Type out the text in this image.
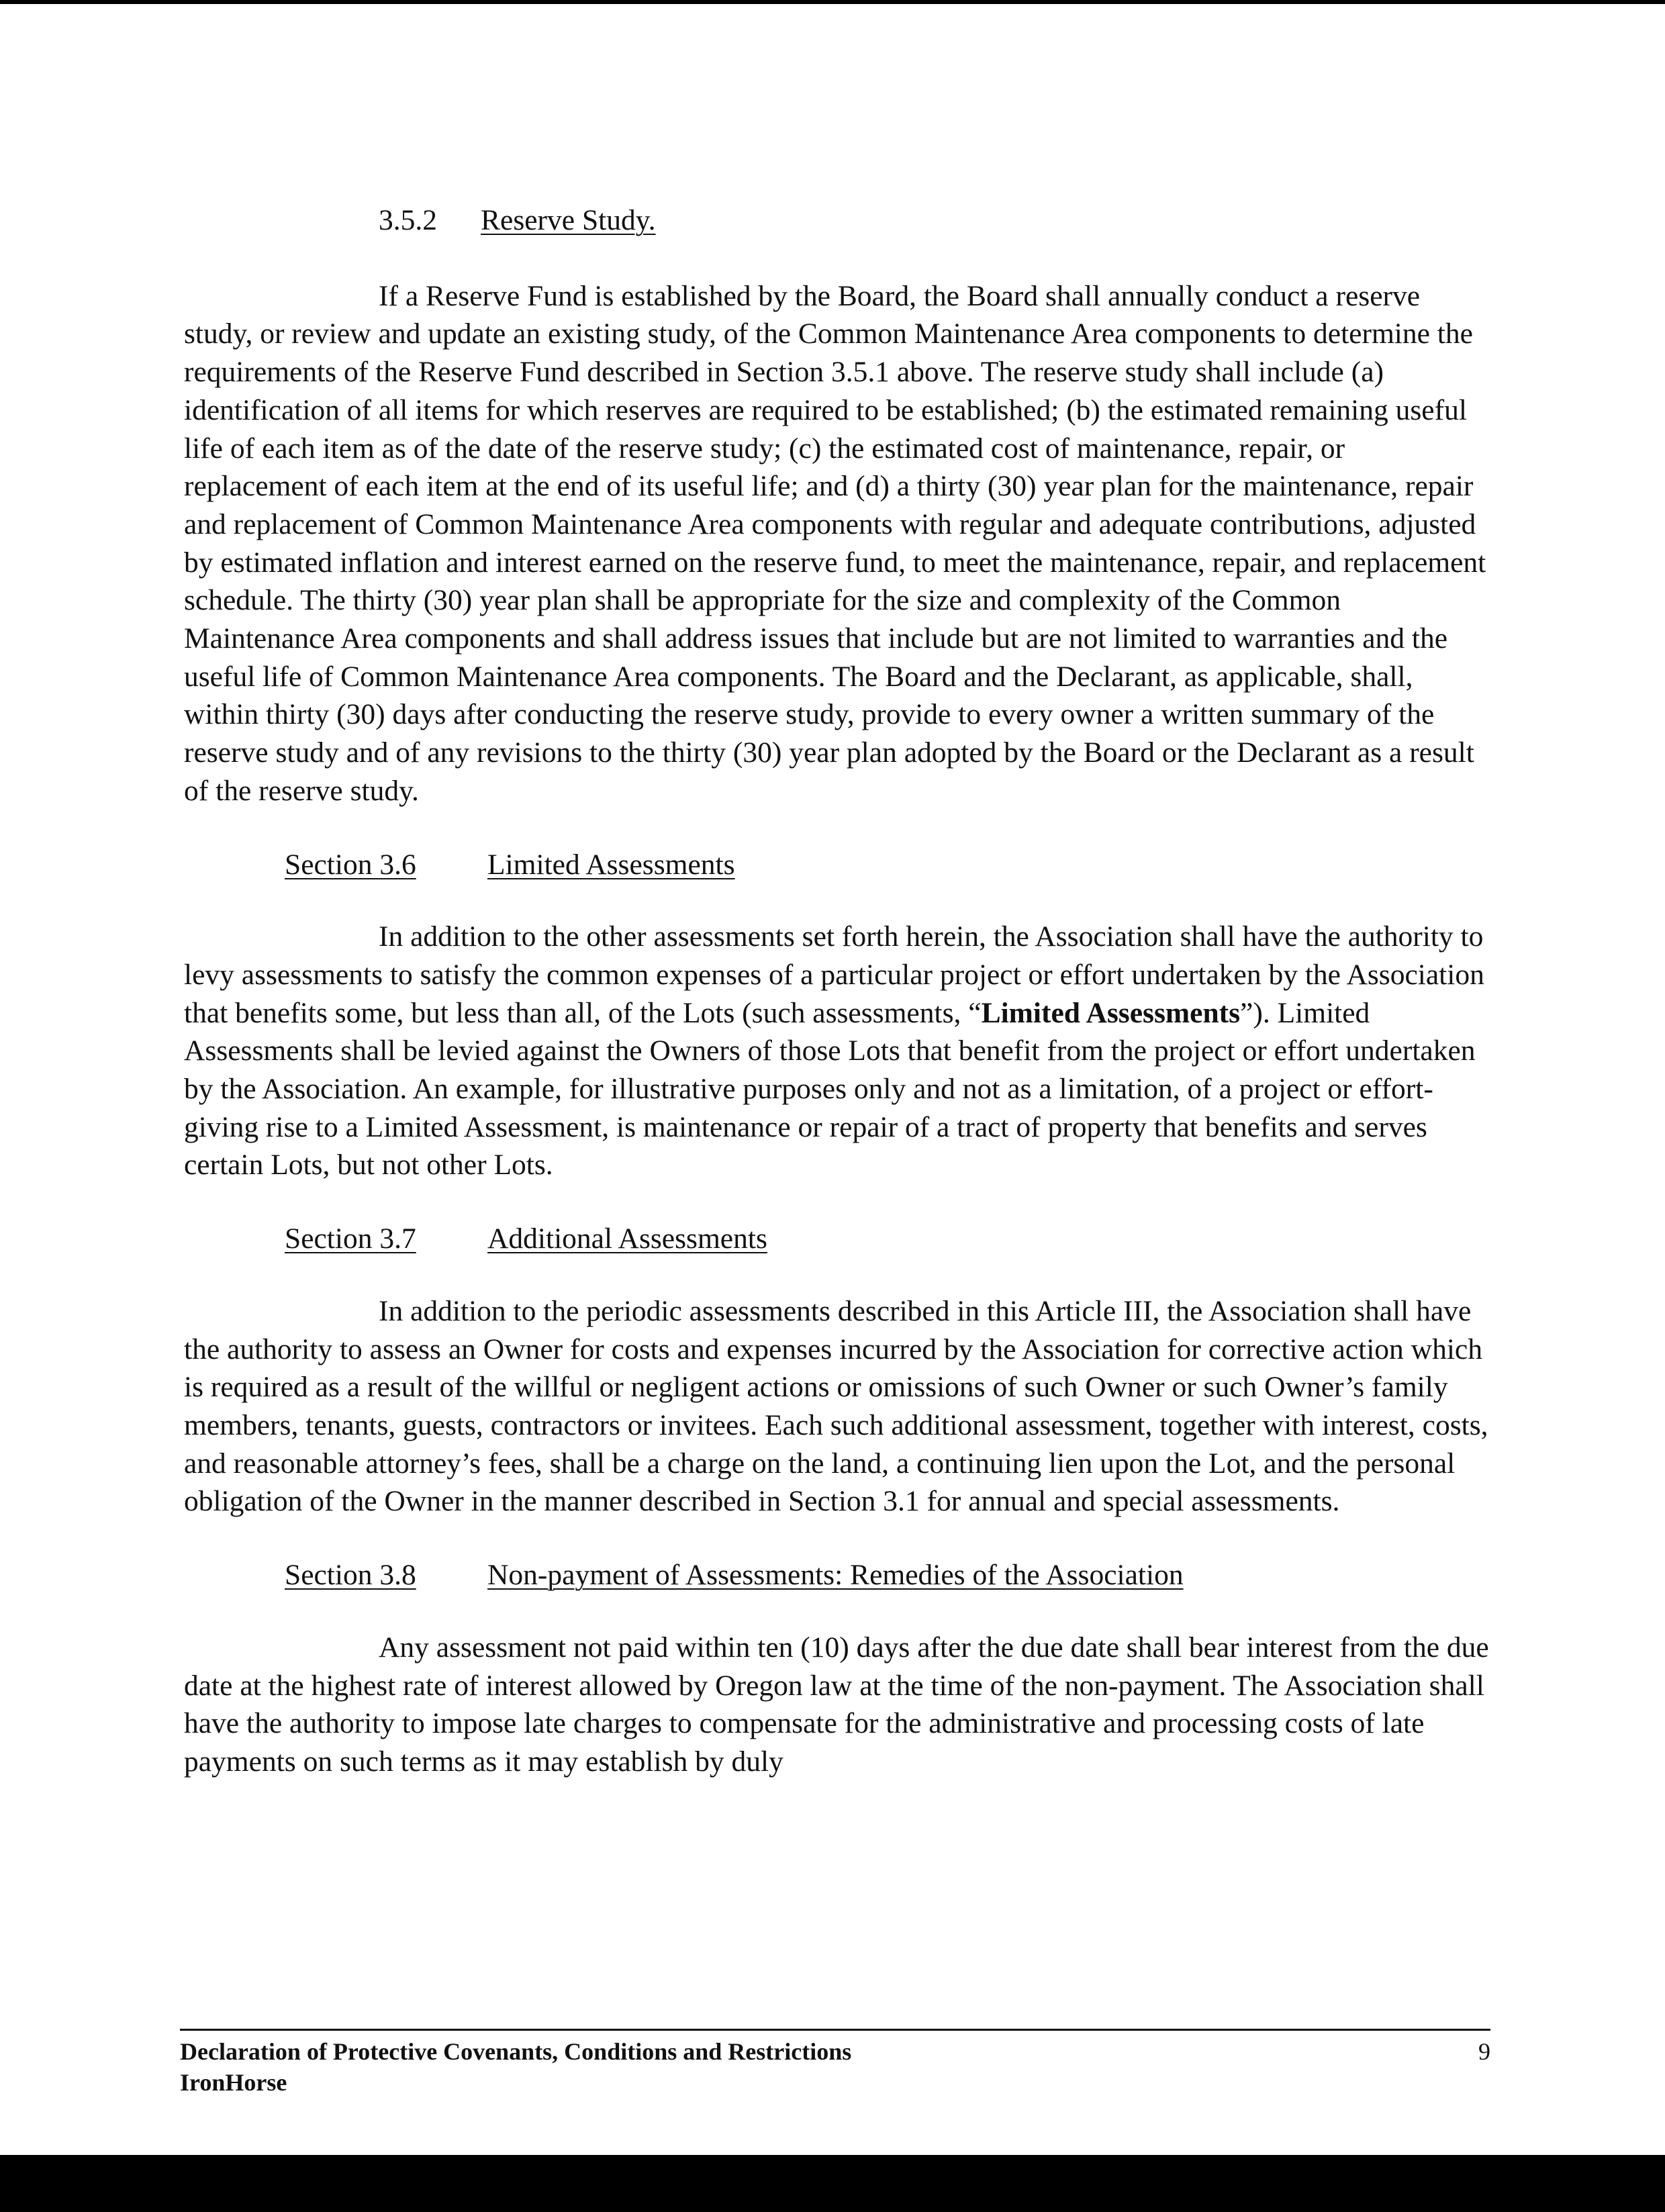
3.5.2 Reserve Study.

If a Reserve Fund is established by the Board, the Board shall annually conduct a reserve study, or review and update an existing study, of the Common Maintenance Area components to determine the requirements of the Reserve Fund described in Section 3.5.1 above. The reserve study shall include (a) identification of all items for which reserves are required to be established; (b) the estimated remaining useful life of each item as of the date of the reserve study; (c) the estimated cost of maintenance, repair, or replacement of each item at the end of its useful life; and (d) a thirty (30) year plan for the maintenance, repair and replacement of Common Maintenance Area components with regular and adequate contributions, adjusted by estimated inflation and interest earned on the reserve fund, to meet the maintenance, repair, and replacement schedule. The thirty (30) year plan shall be appropriate for the size and complexity of the Common Maintenance Area components and shall address issues that include but are not limited to warranties and the useful life of Common Maintenance Area components. The Board and the Declarant, as applicable, shall, within thirty (30) days after conducting the reserve study, provide to every owner a written summary of the reserve study and of any revisions to the thirty (30) year plan adopted by the Board or the Declarant as a result of the reserve study.

Section 3.6 Limited Assessments

In addition to the other assessments set forth herein, the Association shall have the authority to levy assessments to satisfy the common expenses of a particular project or effort undertaken by the Association that benefits some, but less than all, of the Lots (such assessments, “Limited Assessments”). Limited Assessments shall be levied against the Owners of those Lots that benefit from the project or effort undertaken by the Association. An example, for illustrative purposes only and not as a limitation, of a project or effort-giving rise to a Limited Assessment, is maintenance or repair of a tract of property that benefits and serves certain Lots, but not other Lots.

Section 3.7 Additional Assessments

In addition to the periodic assessments described in this Article III, the Association shall have the authority to assess an Owner for costs and expenses incurred by the Association for corrective action which is required as a result of the willful or negligent actions or omissions of such Owner or such Owner’s family members, tenants, guests, contractors or invitees. Each such additional assessment, together with interest, costs, and reasonable attorney’s fees, shall be a charge on the land, a continuing lien upon the Lot, and the personal obligation of the Owner in the manner described in Section 3.1 for annual and special assessments.

Section 3.8 Non-payment of Assessments: Remedies of the Association

Any assessment not paid within ten (10) days after the due date shall bear interest from the due date at the highest rate of interest allowed by Oregon law at the time of the non-payment. The Association shall have the authority to impose late charges to compensate for the administrative and processing costs of late payments on such terms as it may establish by duly

Declaration of Protective Covenants, Conditions and Restrictions
IronHorse
9
